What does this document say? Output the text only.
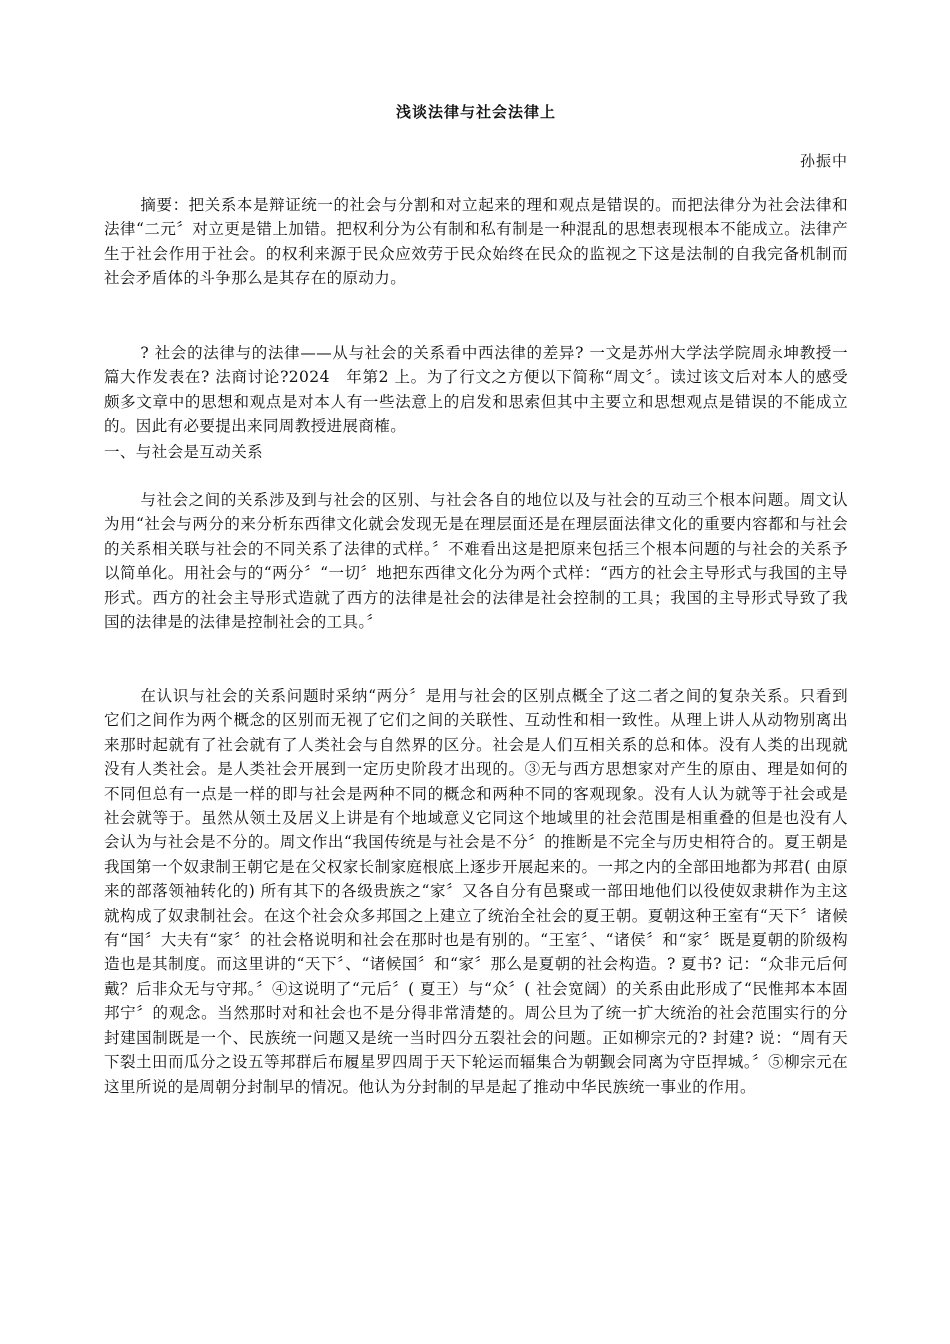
浅谈法律与社会法律上
孙振中

摘要：把关系本是辩证统一的社会与分割和对立起来的理和观点是错误的。而把法律分为社会法律和法律“二元〞对立更是错上加错。把权利分为公有制和私有制是一种混乱的思想表现根本不能成立。法律产生于社会作用于社会。的权利来源于民众应效劳于民众始终在民众的监视之下这是法制的自我完备机制而社会矛盾体的斗争那么是其存在的原动力。

? 社会的法律与的法律——从与社会的关系看中西法律的差异? 一文是苏州大学法学院周永坤教授一篇大作发表在? 法商讨论?2024　年第2 上。为了行文之方便以下简称“周文〞。读过该文后对本人的感受颇多文章中的思想和观点是对本人有一些法意上的启发和思索但其中主要立和思想观点是错误的不能成立的。因此有必要提出来同周教授进展商榷。

一、与社会是互动关系

与社会之间的关系涉及到与社会的区别、与社会各自的地位以及与社会的互动三个根本问题。周文认为用“社会与两分的来分析东西律文化就会发现无是在理层面还是在理层面法律文化的重要内容都和与社会的关系相关联与社会的不同关系了法律的式样。〞不难看出这是把原来包括三个根本问题的与社会的关系予以简单化。用社会与的“两分〞“一切〞地把东西律文化分为两个式样：“西方的社会主导形式与我国的主导形式。西方的社会主导形式造就了西方的法律是社会的法律是社会控制的工具；我国的主导形式导致了我国的法律是的法律是控制社会的工具。〞

在认识与社会的关系问题时采纳“两分〞是用与社会的区别点概全了这二者之间的复杂关系。只看到它们之间作为两个概念的区别而无视了它们之间的关联性、互动性和相一致性。从理上讲人从动物别离出来那时起就有了社会就有了人类社会与自然界的区分。社会是人们互相关系的总和体。没有人类的出现就没有人类社会。是人类社会开展到一定历史阶段才出现的。③无与西方思想家对产生的原由、理是如何的不同但总有一点是一样的即与社会是两种不同的概念和两种不同的客观现象。没有人认为就等于社会或是社会就等于。虽然从领土及居义上讲是有个地域意义它同这个地域里的社会范围是相重叠的但是也没有人会认为与社会是不分的。周文作出“我国传统是与社会是不分〞的推断是不完全与历史相符合的。夏王朝是我国第一个奴隶制王朝它是在父权家长制家庭根底上逐步开展起来的。一邦之内的全部田地都为邦君( 由原来的部落领袖转化的) 所有其下的各级贵族之“家〞又各自分有邑聚或一部田地他们以役使奴隶耕作为主这就构成了奴隶制社会。在这个社会众多邦国之上建立了统治全社会的夏王朝。夏朝这种王室有“天下〞诸候有“国〞大夫有“家〞的社会格说明和社会在那时也是有别的。“王室〞、“诸侯〞和“家〞既是夏朝的阶级构造也是其制度。而这里讲的“天下〞、“诸候国〞和“家〞那么是夏朝的社会构造。? 夏书? 记：“众非元后何戴？后非众无与守邦。〞④这说明了“元后〞( 夏王）与“众〞( 社会宽阔）的关系由此形成了“民惟邦本本固邦宁〞的观念。当然那时对和社会也不是分得非常清楚的。周公旦为了统一扩大统治的社会范围实行的分封建国制既是一个、民族统一问题又是统一当时四分五裂社会的问题。正如柳宗元的? 封建? 说：“周有天下裂土田而瓜分之设五等邦群后布履星罗四周于天下轮运而辐集合为朝觐会同离为守臣捍城。〞⑤柳宗元在这里所说的是周朝分封制早的情况。他认为分封制的早是起了推动中华民族统一事业的作用。
